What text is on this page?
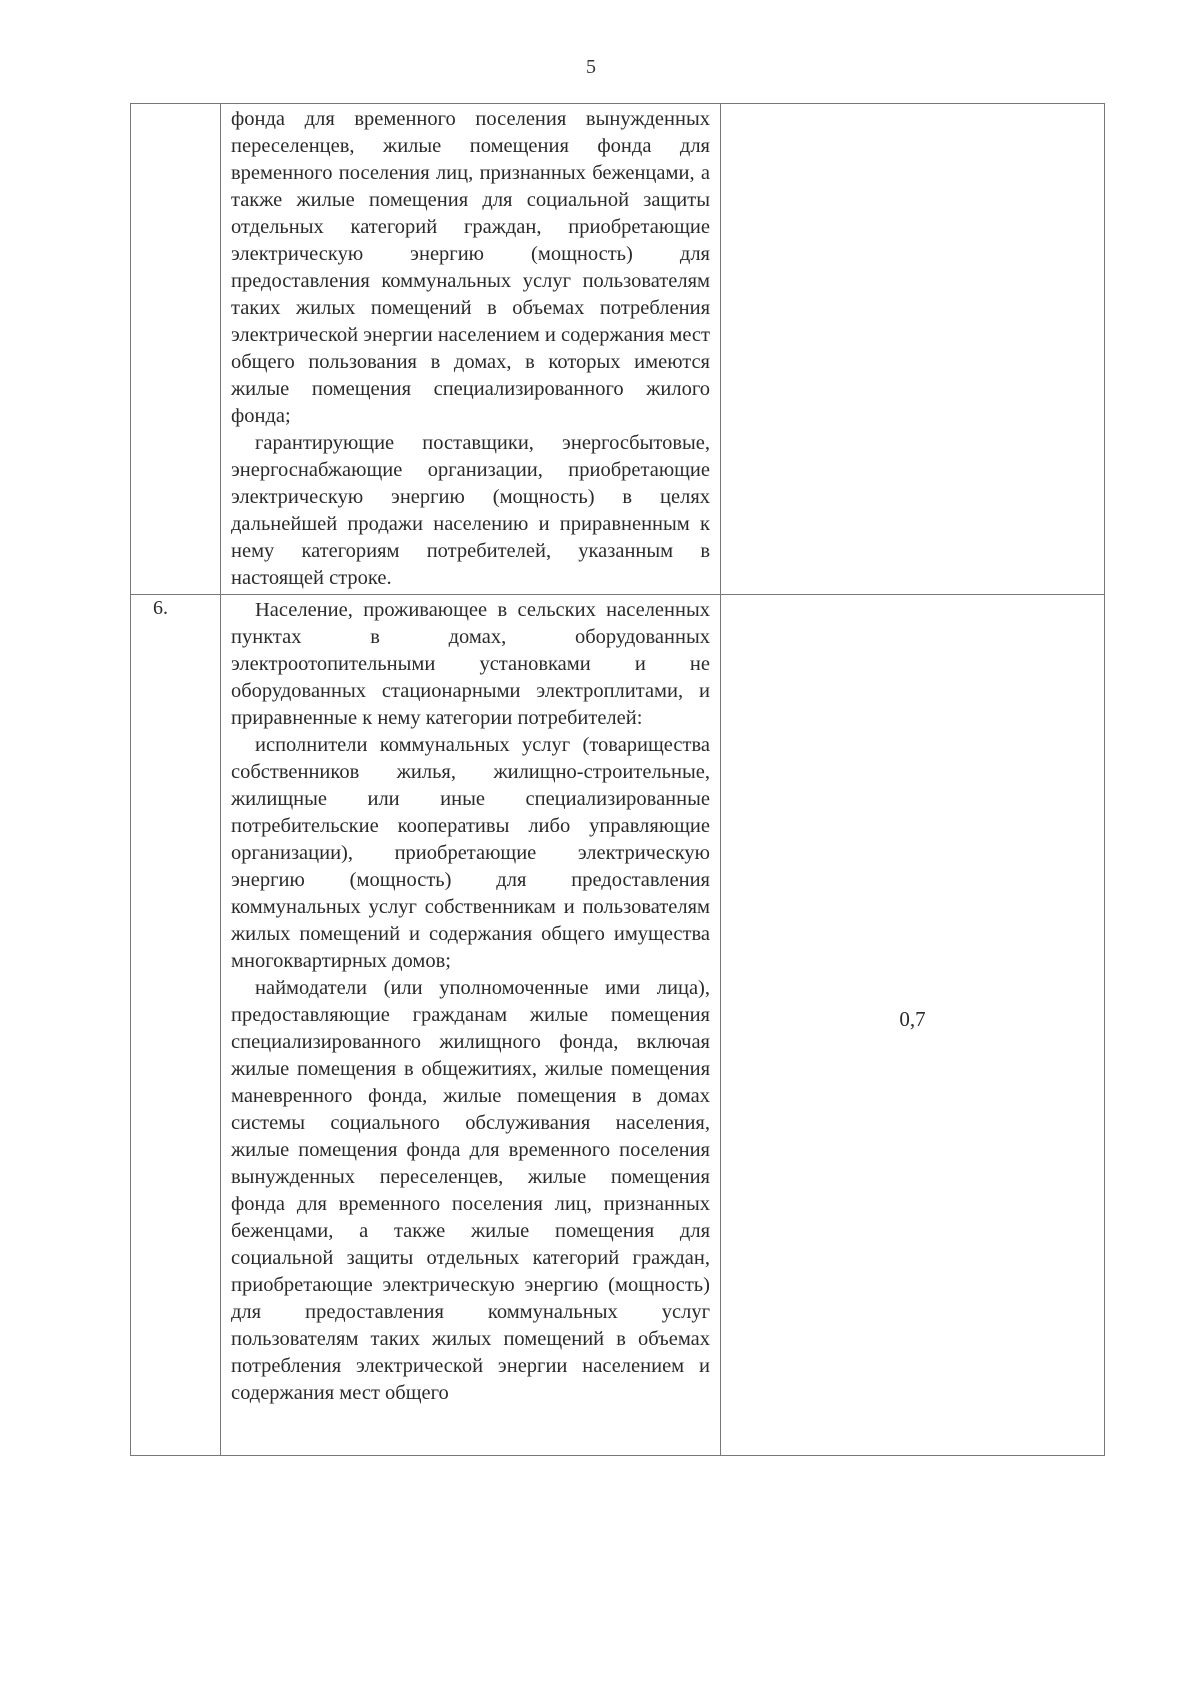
5

	фонда для временного поселения вынужденных переселенцев, жилые помещения фонда для временного поселения лиц, признанных беженцами, а также жилые помещения для социальной защиты отдельных категорий граждан, приобретающие электрическую энергию (мощность) для предоставления коммунальных услуг пользователям таких жилых помещений в объемах потребления электрической энергии населением и содержания мест общего пользования в домах, в которых имеются жилые помещения специализированного жилого фонда;

гарантирующие поставщики, энергосбытовые, энергоснабжающие организации, приобретающие электрическую энергию (мощность) в целях дальнейшей продажи населению и приравненным к нему категориям потребителей, указанным в настоящей строке.	

6.	Население, проживающее в сельских населенных пунктах в домах, оборудованных электроотопительными установками и не оборудованных стационарными электроплитами, и приравненные к нему категории потребителей:

исполнители коммунальных услуг (товарищества собственников жилья, жилищно-строительные, жилищные или иные специализированные потребительские кооперативы либо управляющие организации), приобретающие электрическую энергию (мощность) для предоставления коммунальных услуг собственникам и пользователям жилых помещений и содержания общего имущества многоквартирных домов;

наймодатели (или уполномоченные ими лица), предоставляющие гражданам жилые помещения специализированного жилищного фонда, включая жилые помещения в общежитиях, жилые помещения маневренного фонда, жилые помещения в домах системы социального обслуживания населения, жилые помещения фонда для временного поселения вынужденных переселенцев, жилые помещения фонда для временного поселения лиц, признанных беженцами, а также жилые помещения для социальной защиты отдельных категорий граждан, приобретающие электрическую энергию (мощность) для предоставления коммунальных услуг пользователям таких жилых помещений в объемах потребления электрической энергии населением и содержания мест общего	0,7
